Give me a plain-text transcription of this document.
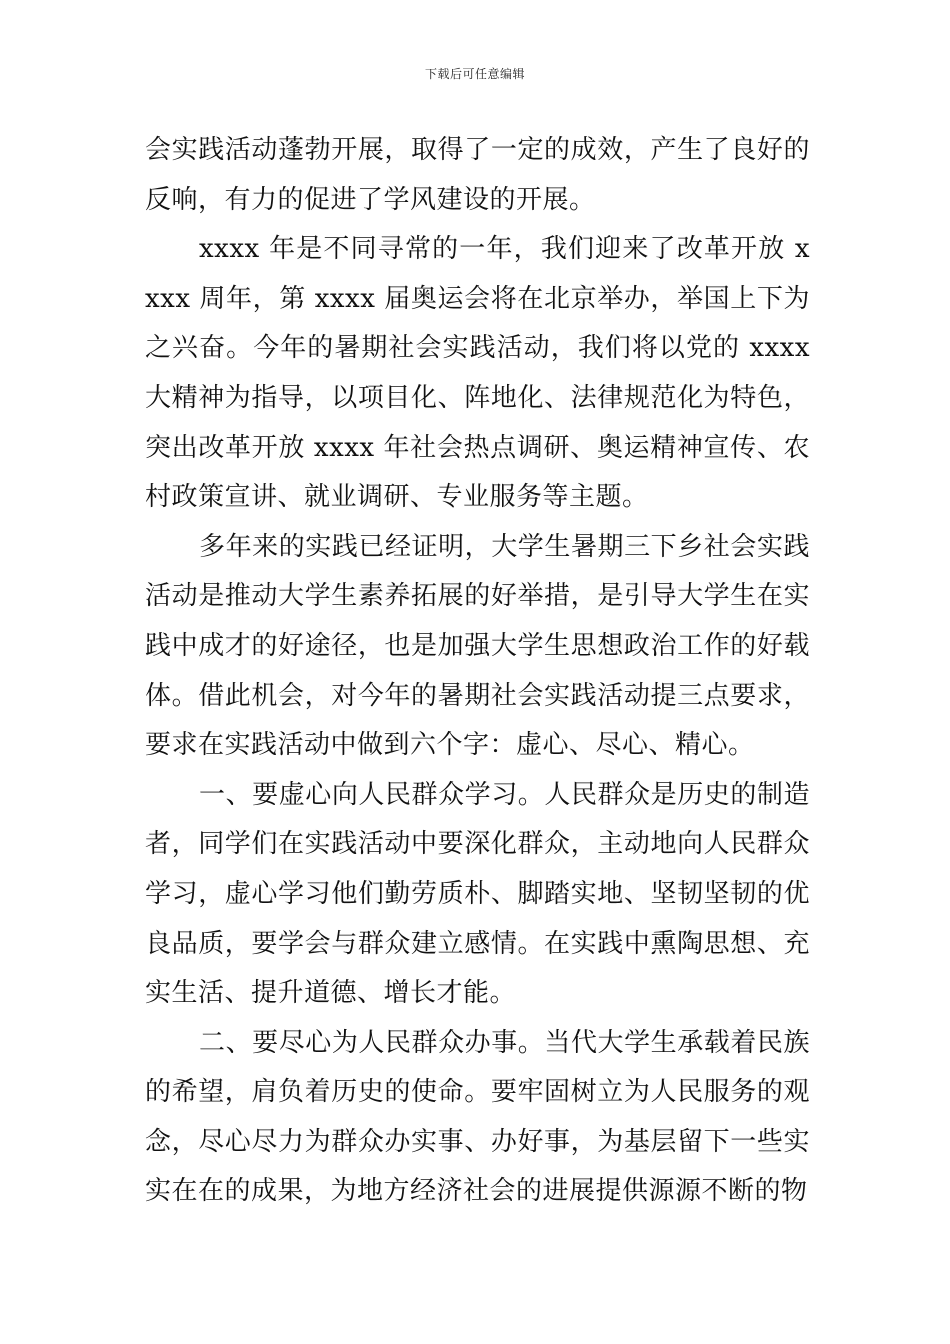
下载后可任意编辑

会实践活动蓬勃开展，取得了一定的成效，产生了良好的反响，有力的促进了学风建设的开展。

xxxx 年是不同寻常的一年，我们迎来了改革开放 xxxx 周年，第 xxxx 届奥运会将在北京举办，举国上下为之兴奋。今年的暑期社会实践活动，我们将以党的 xxxx 大精神为指导，以项目化、阵地化、法律规范化为特色，突出改革开放 xxxx 年社会热点调研、奥运精神宣传、农村政策宣讲、就业调研、专业服务等主题。

多年来的实践已经证明，大学生暑期三下乡社会实践活动是推动大学生素养拓展的好举措，是引导大学生在实践中成才的好途径，也是加强大学生思想政治工作的好载体。借此机会，对今年的暑期社会实践活动提三点要求，要求在实践活动中做到六个字：虚心、尽心、精心。

一、要虚心向人民群众学习。人民群众是历史的制造者，同学们在实践活动中要深化群众，主动地向人民群众学习，虚心学习他们勤劳质朴、脚踏实地、坚韧坚韧的优良品质，要学会与群众建立感情。在实践中熏陶思想、充实生活、提升道德、增长才能。

二、要尽心为人民群众办事。当代大学生承载着民族的希望，肩负着历史的使命。要牢固树立为人民服务的观念，尽心尽力为群众办实事、办好事，为基层留下一些实实在在的成果，为地方经济社会的进展提供源源不断的物
